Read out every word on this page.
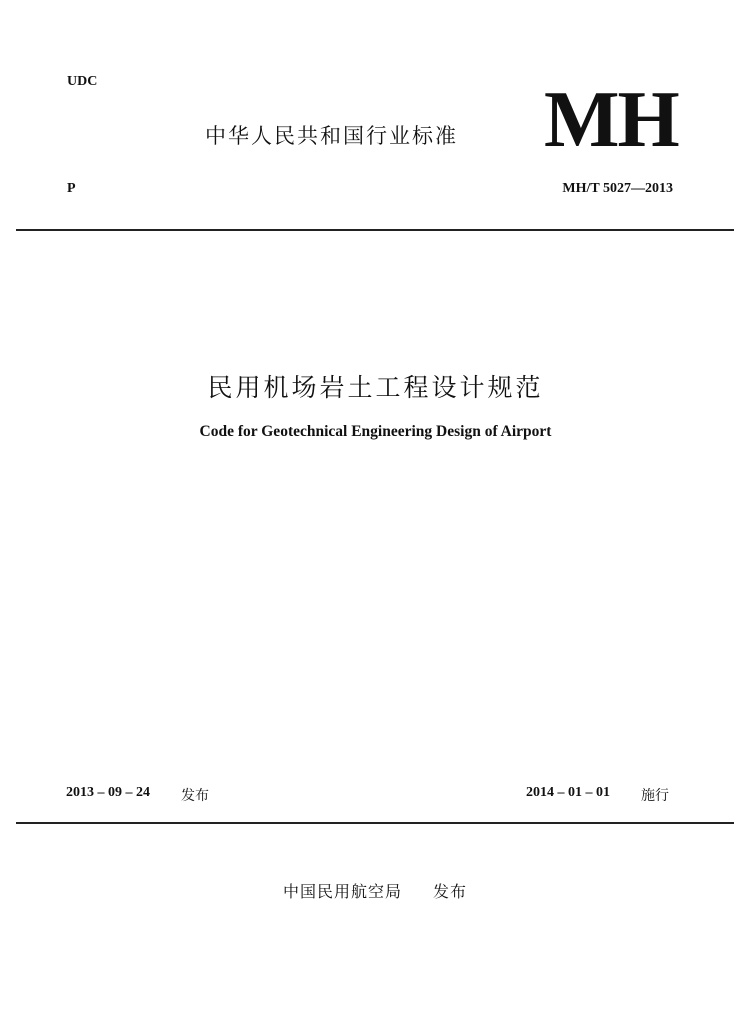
UDC
中华人民共和国行业标准 MH
P	MH/T 5027—2013
民用机场岩土工程设计规范
Code for Geotechnical Engineering Design of Airport
2013 – 09 – 24 发布	2014 – 01 – 01 施行
中国民用航空局 发布
